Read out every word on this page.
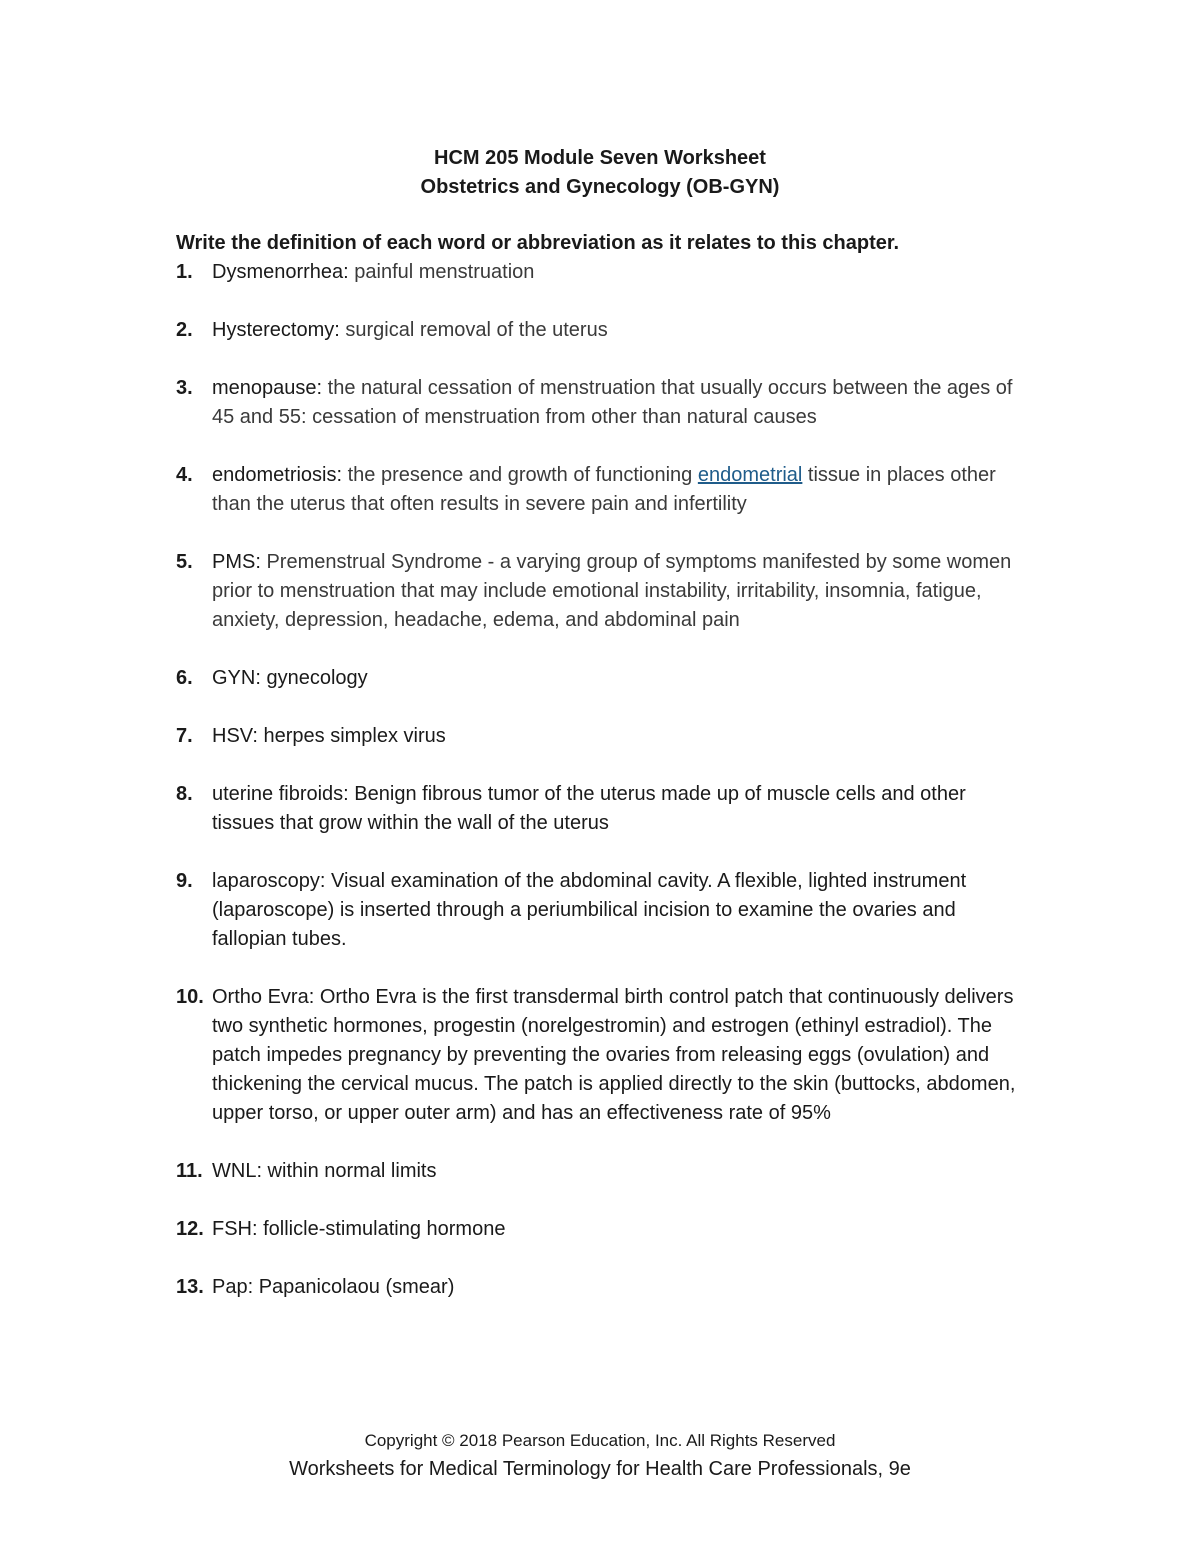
HCM 205 Module Seven Worksheet
Obstetrics and Gynecology (OB-GYN)

Write the definition of each word or abbreviation as it relates to this chapter.

1. Dysmenorrhea: painful menstruation
2. Hysterectomy: surgical removal of the uterus
3. menopause: the natural cessation of menstruation that usually occurs between the ages of 45 and 55: cessation of menstruation from other than natural causes
4. endometriosis: the presence and growth of functioning endometrial tissue in places other than the uterus that often results in severe pain and infertility
5. PMS: Premenstrual Syndrome - a varying group of symptoms manifested by some women prior to menstruation that may include emotional instability, irritability, insomnia, fatigue, anxiety, depression, headache, edema, and abdominal pain
6. GYN: gynecology
7. HSV: herpes simplex virus
8. uterine fibroids: Benign fibrous tumor of the uterus made up of muscle cells and other tissues that grow within the wall of the uterus
9. laparoscopy: Visual examination of the abdominal cavity. A flexible, lighted instrument (laparoscope) is inserted through a periumbilical incision to examine the ovaries and fallopian tubes.
10. Ortho Evra: Ortho Evra is the first transdermal birth control patch that continuously delivers two synthetic hormones, progestin (norelgestromin) and estrogen (ethinyl estradiol). The patch impedes pregnancy by preventing the ovaries from releasing eggs (ovulation) and thickening the cervical mucus. The patch is applied directly to the skin (buttocks, abdomen, upper torso, or upper outer arm) and has an effectiveness rate of 95%
11. WNL: within normal limits
12. FSH: follicle-stimulating hormone
13. Pap: Papanicolaou (smear)
Copyright © 2018 Pearson Education, Inc. All Rights Reserved
Worksheets for Medical Terminology for Health Care Professionals, 9e
